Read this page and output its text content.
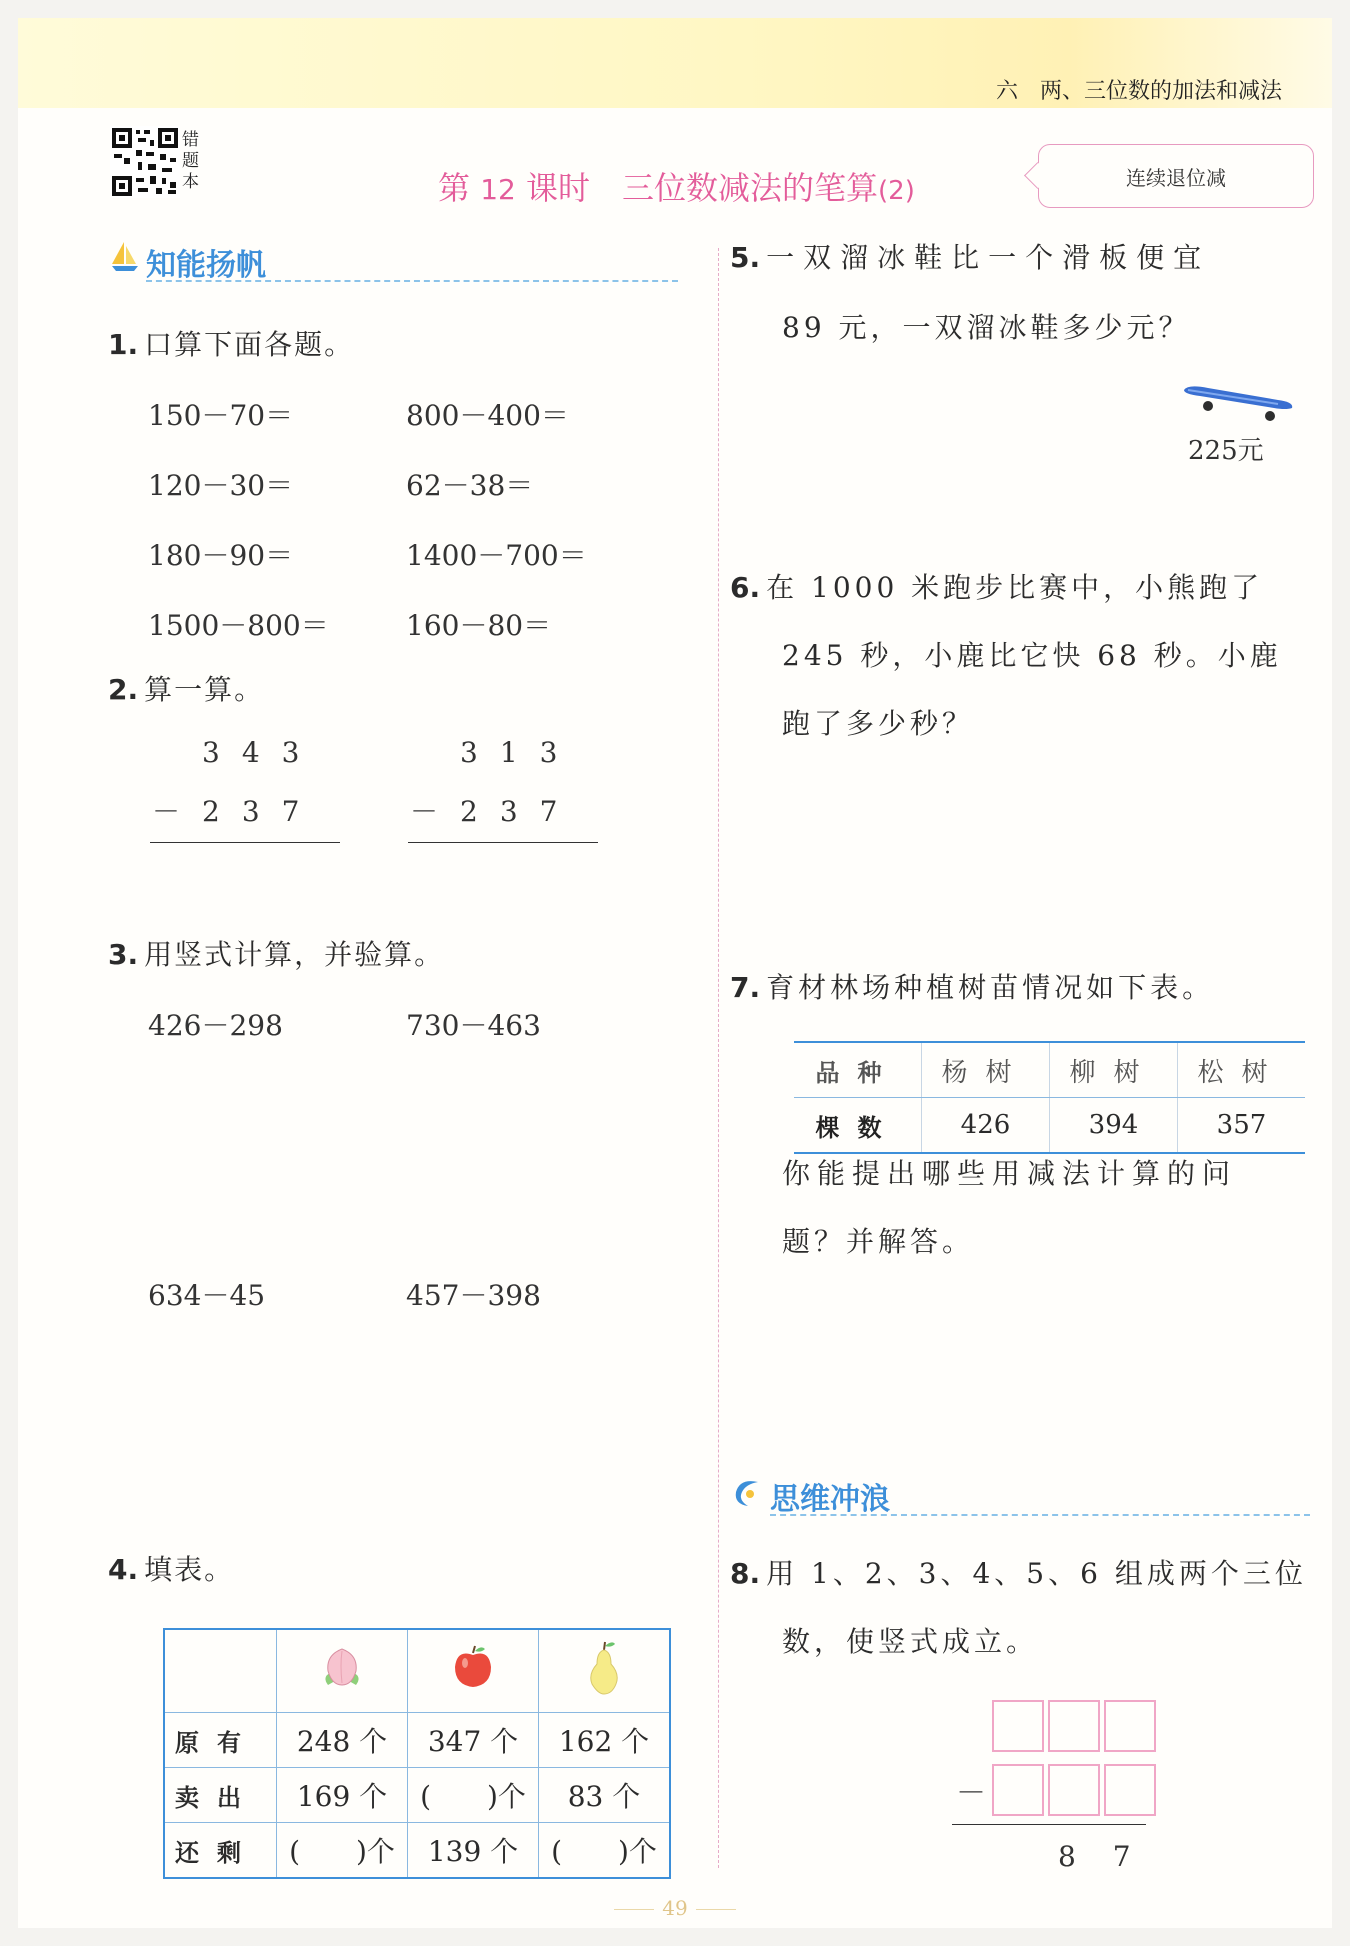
六　两、三位数的加法和减法
错题本	第 12 课时　三位数减法的笔算(2)	连续退位减
知能扬帆
1. 口算下面各题。
150－70＝	800－400＝
120－30＝	62－38＝
180－90＝	1400－700＝
1500－800＝	160－80＝
2. 算一算。
343
－237
313
－237
3. 用竖式计算，并验算。
426－298	730－463
634－45	457－398
4. 填表。

原有	248 个	347 个	162 个
卖出	169 个	(　　)个	83 个
还剩	(　　)个	139 个	(　　)个
5. 一双溜冰鞋比一个滑板便宜
89 元，一双溜冰鞋多少元？
225元
6. 在 1000 米跑步比赛中，小熊跑了
245 秒，小鹿比它快 68 秒。小鹿
跑了多少秒？
7. 育材林场种植树苗情况如下表。
品种	杨树	柳树	松树
棵数	426	394	357
你能提出哪些用减法计算的问
题？并解答。
思维冲浪
8. 用 1、2、3、4、5、6 组成两个三位
数，使竖式成立。
－
8 7
49
